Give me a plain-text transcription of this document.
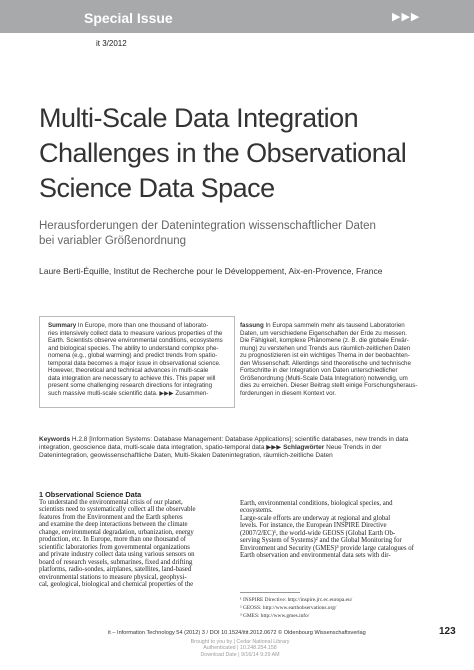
Special Issue	▶▶▶
it 3/2012
Multi-Scale Data Integration
Challenges in the Observational
Science Data Space
Herausforderungen der Datenintegration wissenschaftlicher Daten
bei variabler Größenordnung
Laure Berti-Équille, Institut de Recherche pour le Développement, Aix-en-Provence, France
Summary In Europe, more than one thousand of laborato-
ries intensively collect data to measure various properties of the
Earth. Scientists observe environmental conditions, ecosystems
and biological species. The ability to understand complex phe-
nomena (e.g., global warming) and predict trends from spatio-
temporal data becomes a major issue in observational science.
However, theoretical and technical advances in multi-scale
data integration are necessary to achieve this. This paper will
present some challenging research directions for integrating
such massive multi-scale scientific data. ▶▶▶ Zusammen-
fassung In Europa sammeln mehr als tausend Laboratorien
Daten, um verschiedene Eigenschaften der Erde zu messen.
Die Fähigkeit, komplexe Phänomene (z. B. die globale Erwär-
mung) zu verstehen und Trends aus räumlich-zeitlichen Daten
zu prognostizieren ist ein wichtiges Thema in der beobachten-
den Wissenschaft. Allerdings sind theoretische und technische
Fortschritte in der Integration von Daten unterschiedlicher
Größenordnung (Multi-Scale Data Integration) notwendig, um
dies zu erreichen. Dieser Beitrag stellt einige Forschungsheraus-
forderungen in diesem Kontext vor.
Keywords H.2.8 [Information Systems: Database Management: Database Applications]; scientific databases, new trends in data
integration, geoscience data, multi-scale data integration, spatio-temporal data ▶▶▶ Schlagwörter Neue Trends in der
Datenintegration, geowissenschaftliche Daten, Multi-Skalen Datenintegration, räumlich-zeitliche Daten
1 Observational Science Data
To understand the environmental crisis of our planet,
scientists need to systematically collect all the observable
features from the Environment and the Earth spheres
and examine the deep interactions between the climate
change, environmental degradation, urbanization, energy
production, etc. In Europe, more than one thousand of
scientific laboratories from governmental organizations
and private industry collect data using various sensors on
board of research vessels, submarines, fixed and drifting
platforms, radio-sondes, airplanes, satellites, land-based
environmental stations to measure physical, geophysi-
cal, geological, biological and chemical properties of the
Earth, environmental conditions, biological species, and
ecosystems.
Large-scale efforts are underway at regional and global
levels. For instance, the European INSPIRE Directive
(2007/2/EC)¹, the world-wide GEOSS (Global Earth Ob-
serving System of Systems)² and the Global Monitoring for
Environment and Security (GMES)³ provide large catalogues of
Earth observation and environmental data sets with dir-
¹ INSPIRE Directive: http://inspire.jrc.ec.europa.eu/
² GEOSS: http://www.earthobservations.org/
³ GMES: http://www.gmes.info/
it – Information Technology 54 (2012) 3 / DOI 10.1524/itit.2012.0672 © Oldenbourg Wissenschaftsverlag	123
Brought to you by | Cedar National Library
Authenticated | 10.248.254.158
Download Date | 9/16/14 9:29 AM
